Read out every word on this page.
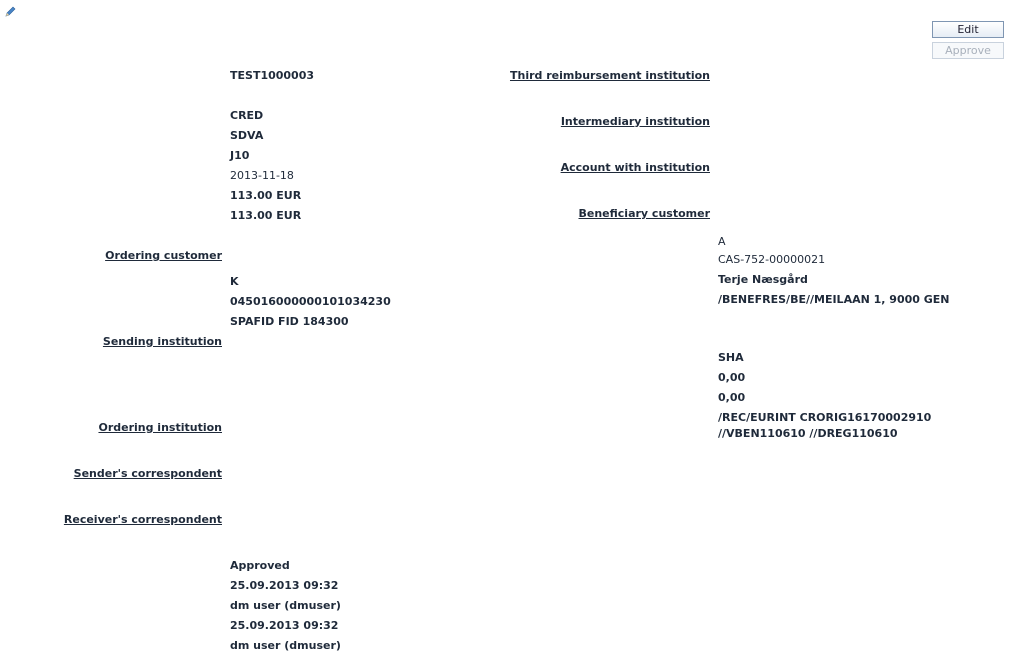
Edit
Approve
TEST1000003
CRED
SDVA
J10
2013-11-18
113.00 EUR
113.00 EUR
Ordering customer
K
045016000000101034230
SPAFID FID 184300
Sending institution
Ordering institution
Sender's correspondent
Receiver's correspondent
Approved
25.09.2013 09:32
dm user (dmuser)
25.09.2013 09:32
dm user (dmuser)
Third reimbursement institution
Intermediary institution
Account with institution
Beneficiary customer
A
CAS-752-00000021
Terje Næsgård
/BENEFRES/BE//MEILAAN 1, 9000 GEN
SHA
0,00
0,00
/REC/EURINT CRORIG16170002910
//VBEN110610 //DREG110610
